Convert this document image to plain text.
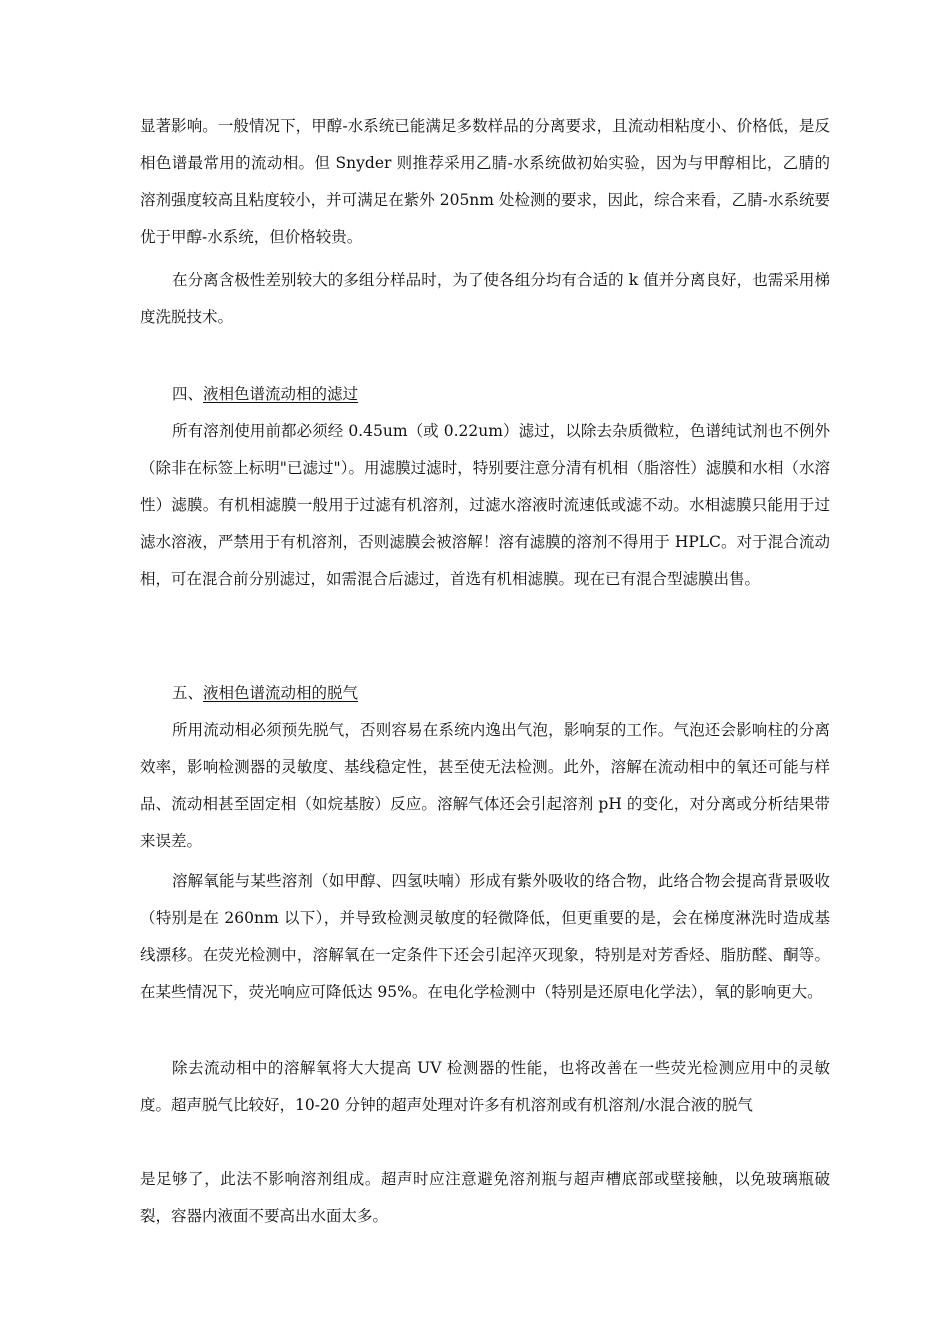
显著影响。一般情况下，甲醇-水系统已能满足多数样品的分离要求，且流动相粘度小、价格低，是反相色谱最常用的流动相。但 Snyder 则推荐采用乙腈-水系统做初始实验，因为与甲醇相比，乙腈的溶剂强度较高且粘度较小，并可满足在紫外 205nm 处检测的要求，因此，综合来看，乙腈-水系统要优于甲醇-水系统，但价格较贵。

在分离含极性差别较大的多组分样品时，为了使各组分均有合适的 k 值并分离良好，也需采用梯度洗脱技术。

四、液相色谱流动相的滤过

所有溶剂使用前都必须经 0.45um（或 0.22um）滤过，以除去杂质微粒，色谱纯试剂也不例外（除非在标签上标明"已滤过"）。用滤膜过滤时，特别要注意分清有机相（脂溶性）滤膜和水相（水溶性）滤膜。有机相滤膜一般用于过滤有机溶剂，过滤水溶液时流速低或滤不动。水相滤膜只能用于过滤水溶液，严禁用于有机溶剂，否则滤膜会被溶解！溶有滤膜的溶剂不得用于 HPLC。对于混合流动相，可在混合前分别滤过，如需混合后滤过，首选有机相滤膜。现在已有混合型滤膜出售。

五、液相色谱流动相的脱气

所用流动相必须预先脱气，否则容易在系统内逸出气泡，影响泵的工作。气泡还会影响柱的分离效率，影响检测器的灵敏度、基线稳定性，甚至使无法检测。此外，溶解在流动相中的氧还可能与样品、流动相甚至固定相（如烷基胺）反应。溶解气体还会引起溶剂 pH 的变化，对分离或分析结果带来误差。

溶解氧能与某些溶剂（如甲醇、四氢呋喃）形成有紫外吸收的络合物，此络合物会提高背景吸收（特别是在 260nm 以下），并导致检测灵敏度的轻微降低，但更重要的是，会在梯度淋洗时造成基线漂移。在荧光检测中，溶解氧在一定条件下还会引起淬灭现象，特别是对芳香烃、脂肪醛、酮等。在某些情况下，荧光响应可降低达 95%。在电化学检测中（特别是还原电化学法），氧的影响更大。

除去流动相中的溶解氧将大大提高 UV 检测器的性能，也将改善在一些荧光检测应用中的灵敏度。超声脱气比较好，10-20 分钟的超声处理对许多有机溶剂或有机溶剂/水混合液的脱气

是足够了，此法不影响溶剂组成。超声时应注意避免溶剂瓶与超声槽底部或壁接触，以免玻璃瓶破裂，容器内液面不要高出水面太多。
